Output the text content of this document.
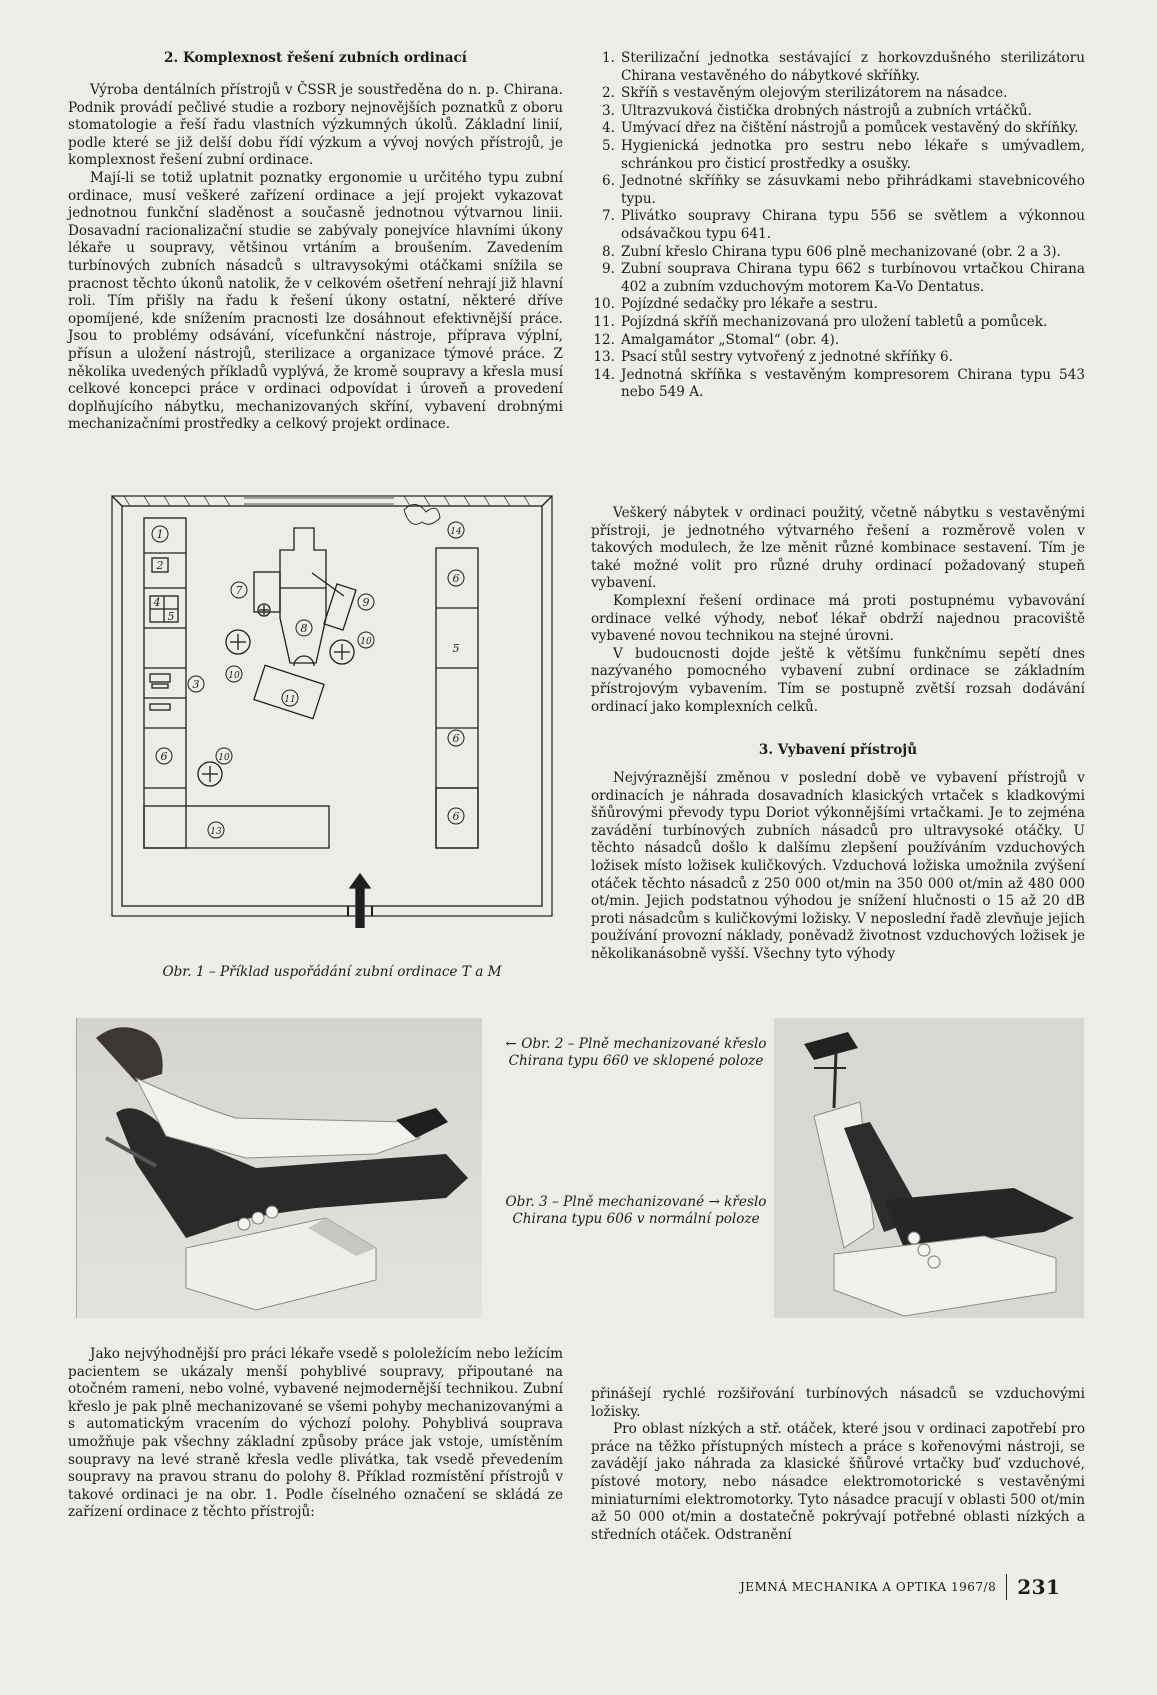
2. Komplexnost řešení zubních ordinací

Výroba dentálních přístrojů v ČSSR je soustředěna do n. p. Chirana. Podnik provádí pečlivé studie a rozbory nejnovějších poznatků z oboru stomatologie a řeší řadu vlastních výzkumných úkolů. Základní linií, podle které se již delší dobu řídí výzkum a vývoj nových přístrojů, je komplexnost řešení zubní ordinace.

Mají-li se totiž uplatnit poznatky ergonomie u určitého typu zubní ordinace, musí veškeré zařízení ordinace a její projekt vykazovat jednotnou funkční sladěnost a současně jednotnou výtvarnou linii. Dosavadní racionalizační studie se zabývaly ponejvíce hlavními úkony lékaře u soupravy, většinou vrtáním a broušením. Zavedením turbínových zubních násadců s ultravysokými otáčkami snížila se pracnost těchto úkonů natolik, že v celkovém ošetření nehrají již hlavní roli. Tím přišly na řadu k řešení úkony ostatní, některé dříve opomíjené, kde snížením pracnosti lze dosáhnout efektivnější práce. Jsou to problémy odsávání, vícefunkční nástroje, příprava výplní, přísun a uložení nástrojů, sterilizace a organizace týmové práce. Z několika uvedených příkladů vyplývá, že kromě soupravy a křesla musí celkové koncepci práce v ordinaci odpovídat i úroveň a provedení doplňujícího nábytku, mechanizovaných skříní, vybavení drobnými mechanizačními prostředky a celkový projekt ordinace.

1. Sterilizační jednotka sestávající z horkovzdušného sterilizátoru Chirana vestavěného do nábytkové skříňky.
2. Skříň s vestavěným olejovým sterilizátorem na násadce.
3. Ultrazvuková čistička drobných nástrojů a zubních vrtáčků.
4. Umývací dřez na čištění nástrojů a pomůcek vestavěný do skříňky.
5. Hygienická jednotka pro sestru nebo lékaře s umývadlem, schránkou pro čisticí prostředky a osušky.
6. Jednotné skříňky se zásuvkami nebo přihrádkami stavebnicového typu.
7. Plivátko soupravy Chirana typu 556 se světlem a výkonnou odsávačkou typu 641.
8. Zubní křeslo Chirana typu 606 plně mechanizované (obr. 2 a 3).
9. Zubní souprava Chirana typu 662 s turbínovou vrtačkou Chirana 402 a zubním vzduchovým motorem Ka-Vo Dentatus.
10. Pojízdné sedačky pro lékaře a sestru.
11. Pojízdná skříň mechanizovaná pro uložení tabletů a pomůcek.
12. Amalgamátor „Stomal“ (obr. 4).
13. Psací stůl sestry vytvořený z jednotné skříňky 6.
14. Jednotná skříňka s vestavěným kompresorem Chirana typu 543 nebo 549 A.

Veškerý nábytek v ordinaci použitý, včetně nábytku s vestavěnými přístroji, je jednotného výtvarného řešení a rozměrově volen v takových modulech, že lze měnit různé kombinace sestavení. Tím je také možné volit pro různé druhy ordinací požadovaný stupeň vybavení.

Komplexní řešení ordinace má proti postupnému vybavování ordinace velké výhody, neboť lékař obdrží najednou pracoviště vybavené novou technikou na stejné úrovni.

V budoucnosti dojde ještě k většímu funkčnímu sepětí dnes nazývaného pomocného vybavení zubní ordinace se základním přístrojovým vybavením. Tím se postupně zvětší rozsah dodávání ordinací jako komplexních celků.

3. Vybavení přístrojů

Nejvýraznější změnou v poslední době ve vybavení přístrojů v ordinacích je náhrada dosavadních klasických vrtaček s kladkovými šňůrovými převody typu Doriot výkonnějšími vrtačkami. Je to zejména zavádění turbínových zubních násadců pro ultravysoké otáčky. U těchto násadců došlo k dalšímu zlepšení používáním vzduchových ložisek místo ložisek kuličkových. Vzduchová ložiska umožnila zvýšení otáček těchto násadců z 250 000 ot/min na 350 000 ot/min až 480 000 ot/min. Jejich podstatnou výhodou je snížení hlučnosti o 15 až 20 dB proti násadcům s kuličkovými ložisky. V neposlední řadě zlevňuje jejich používání provozní náklady, poněvadž životnost vzduchových ložisek je několikanásobně vyšší. Všechny tyto výhody

1
2
3
4
5
6
7
8
9
10
10
10
11
6
5
6
6
13
14
Obr. 1 – Příklad uspořádání zubní ordinace T a M
← Obr. 2 – Plně mechanizované křeslo Chirana typu 660 ve sklopené poloze
Obr. 3 – Plně mechanizované → křeslo Chirana typu 606 v normální poloze

Jako nejvýhodnější pro práci lékaře vsedě s pololežícím nebo ležícím pacientem se ukázaly menší pohyblivé soupravy, připoutané na otočném rameni, nebo volné, vybavené nejmodernější technikou. Zubní křeslo je pak plně mechanizované se všemi pohyby mechanizovanými a s automatickým vracením do výchozí polohy. Pohyblivá souprava umožňuje pak všechny základní způsoby práce jak vstoje, umístěním soupravy na levé straně křesla vedle plivátka, tak vsedě převedením soupravy na pravou stranu do polohy 8. Příklad rozmístění přístrojů v takové ordinaci je na obr. 1. Podle číselného označení se skládá ze zařízení ordinace z těchto přístrojů:

přinášejí rychlé rozšiřování turbínových násadců se vzduchovými ložisky.

Pro oblast nízkých a stř. otáček, které jsou v ordinaci zapotřebí pro práce na těžko přístupných místech a práce s kořenovými nástroji, se zavádějí jako náhrada za klasické šňůrové vrtačky buď vzduchové, pístové motory, nebo násadce elektromotorické s vestavěnými miniaturními elektromotorky. Tyto násadce pracují v oblasti 500 ot/min až 50 000 ot/min a dostatečně pokrývají potřebné oblasti nízkých a středních otáček. Odstranění

JEMNÁ MECHANIKA A OPTIKA 1967/8 231
